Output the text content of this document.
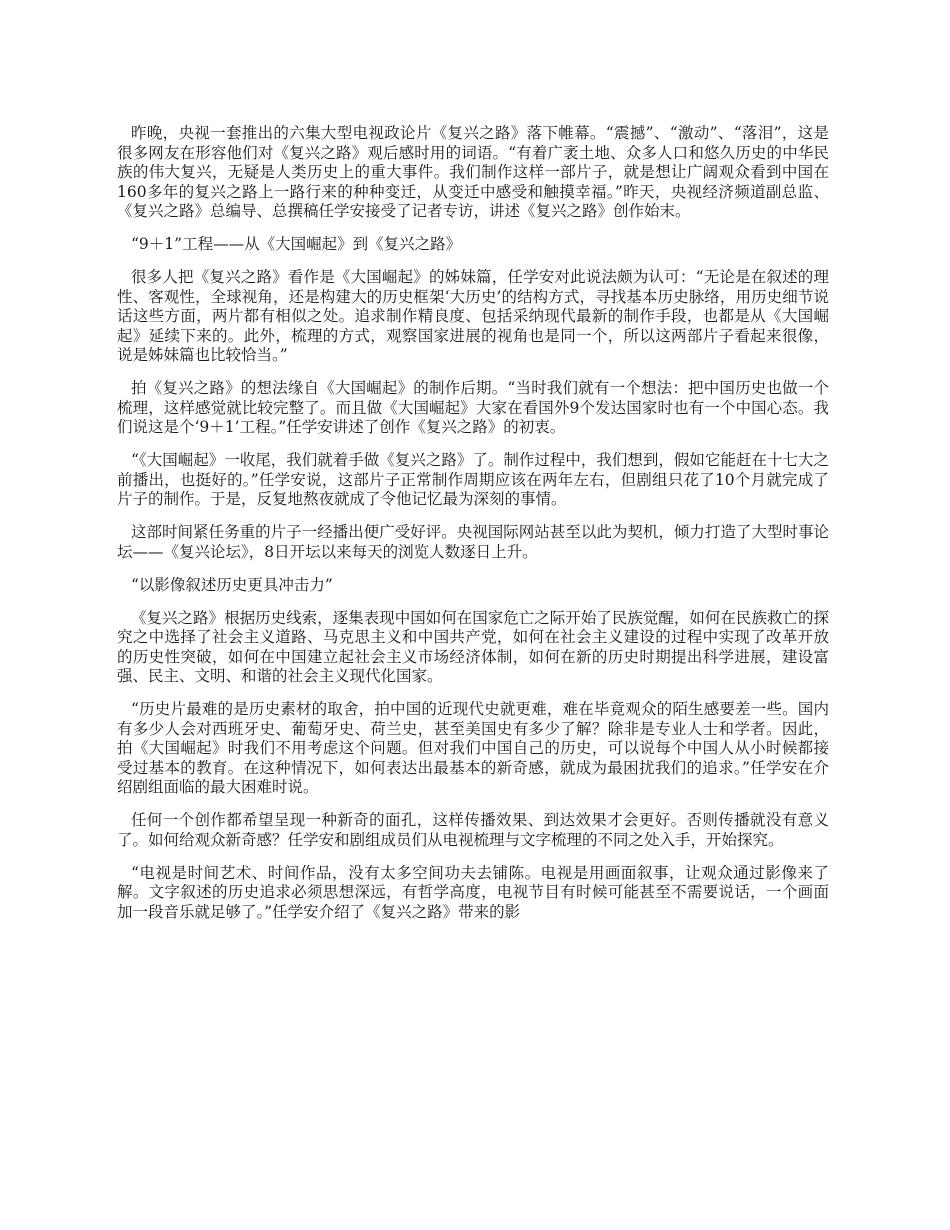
昨晚，央视一套推出的六集大型电视政论片《复兴之路》落下帷幕。“震撼”、“激动”、“落泪”，这是很多网友在形容他们对《复兴之路》观后感时用的词语。“有着广袤土地、众多人口和悠久历史的中华民族的伟大复兴，无疑是人类历史上的重大事件。我们制作这样一部片子，就是想让广阔观众看到中国在160多年的复兴之路上一路行来的种种变迁，从变迁中感受和触摸幸福。”昨天，央视经济频道副总监、《复兴之路》总编导、总撰稿任学安接受了记者专访，讲述《复兴之路》创作始末。

“9＋1”工程——从《大国崛起》到《复兴之路》

很多人把《复兴之路》看作是《大国崛起》的姊妹篇，任学安对此说法颇为认可：“无论是在叙述的理性、客观性，全球视角，还是构建大的历史框架‘大历史’的结构方式，寻找基本历史脉络，用历史细节说话这些方面，两片都有相似之处。追求制作精良度、包括采纳现代最新的制作手段，也都是从《大国崛起》延续下来的。此外，梳理的方式，观察国家进展的视角也是同一个，所以这两部片子看起来很像，说是姊妹篇也比较恰当。”

拍《复兴之路》的想法缘自《大国崛起》的制作后期。“当时我们就有一个想法：把中国历史也做一个梳理，这样感觉就比较完整了。而且做《大国崛起》大家在看国外9个发达国家时也有一个中国心态。我们说这是个‘9＋1’工程。”任学安讲述了创作《复兴之路》的初衷。

“《大国崛起》一收尾，我们就着手做《复兴之路》了。制作过程中，我们想到，假如它能赶在十七大之前播出，也挺好的。”任学安说，这部片子正常制作周期应该在两年左右，但剧组只花了10个月就完成了片子的制作。于是，反复地熬夜就成了令他记忆最为深刻的事情。

这部时间紧任务重的片子一经播出便广受好评。央视国际网站甚至以此为契机，倾力打造了大型时事论坛——《复兴论坛》，8日开坛以来每天的浏览人数逐日上升。

“以影像叙述历史更具冲击力”

《复兴之路》根据历史线索，逐集表现中国如何在国家危亡之际开始了民族觉醒，如何在民族救亡的探究之中选择了社会主义道路、马克思主义和中国共产党，如何在社会主义建设的过程中实现了改革开放的历史性突破，如何在中国建立起社会主义市场经济体制，如何在新的历史时期提出科学进展，建设富强、民主、文明、和谐的社会主义现代化国家。

“历史片最难的是历史素材的取舍，拍中国的近现代史就更难，难在毕竟观众的陌生感要差一些。国内有多少人会对西班牙史、葡萄牙史、荷兰史，甚至美国史有多少了解？除非是专业人士和学者。因此，拍《大国崛起》时我们不用考虑这个问题。但对我们中国自己的历史，可以说每个中国人从小时候都接受过基本的教育。在这种情况下，如何表达出最基本的新奇感，就成为最困扰我们的追求。”任学安在介绍剧组面临的最大困难时说。

任何一个创作都希望呈现一种新奇的面孔，这样传播效果、到达效果才会更好。否则传播就没有意义了。如何给观众新奇感？任学安和剧组成员们从电视梳理与文字梳理的不同之处入手，开始探究。

“电视是时间艺术、时间作品，没有太多空间功夫去铺陈。电视是用画面叙事，让观众通过影像来了解。文字叙述的历史追求必须思想深远，有哲学高度，电视节目有时候可能甚至不需要说话，一个画面加一段音乐就足够了。”任学安介绍了《复兴之路》带来的影
